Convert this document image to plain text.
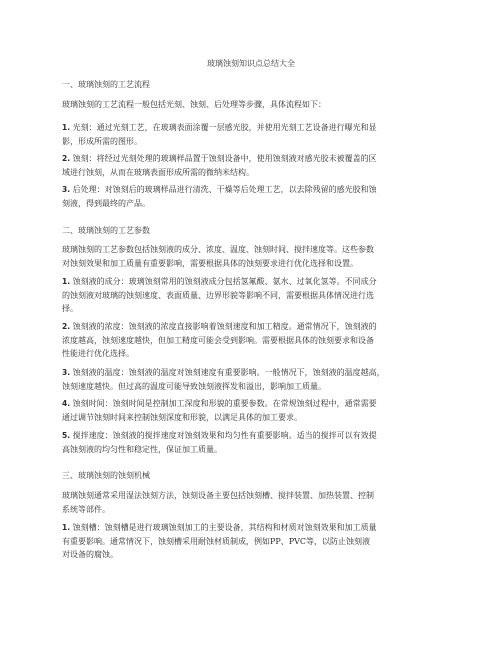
玻璃蚀刻知识点总结大全

一、玻璃蚀刻的工艺流程

玻璃蚀刻的工艺流程一般包括光刻、蚀刻、后处理等步骤，具体流程如下：

1. 光刻：通过光刻工艺，在玻璃表面涂覆一层感光胶，并使用光刻工艺设备进行曝光和显
影，形成所需的图形。

2. 蚀刻：将经过光刻处理的玻璃样品置于蚀刻设备中，使用蚀刻液对感光胶未被覆盖的区
域进行蚀刻，从而在玻璃表面形成所需的微纳米结构。

3. 后处理：对蚀刻后的玻璃样品进行清洗、干燥等后处理工艺，以去除残留的感光胶和蚀
刻液，得到最终的产品。

二、玻璃蚀刻的工艺参数

玻璃蚀刻的工艺参数包括蚀刻液的成分、浓度、温度、蚀刻时间、搅拌速度等。这些参数
对蚀刻效果和加工质量有重要影响，需要根据具体的蚀刻要求进行优化选择和设置。

1. 蚀刻液的成分：玻璃蚀刻常用的蚀刻液成分包括氢氟酸、氨水、过氧化氢等。不同成分
的蚀刻液对玻璃的蚀刻速度、表面质量、边界形貌等影响不同，需要根据具体情况进行选
择。

2. 蚀刻液的浓度：蚀刻液的浓度直接影响着蚀刻速度和加工精度。通常情况下，蚀刻液的
浓度越高，蚀刻速度越快，但加工精度可能会受到影响。需要根据具体的蚀刻要求和设备
性能进行优化选择。

3. 蚀刻液的温度：蚀刻液的温度对蚀刻速度有重要影响。一般情况下，蚀刻液的温度越高，
蚀刻速度越快。但过高的温度可能导致蚀刻液挥发和溢出，影响加工质量。

4. 蚀刻时间：蚀刻时间是控制加工深度和形貌的重要参数。在常规蚀刻过程中，通常需要
通过调节蚀刻时间来控制蚀刻深度和形貌，以满足具体的加工要求。

5. 搅拌速度：蚀刻液的搅拌速度对蚀刻效果和均匀性有重要影响。适当的搅拌可以有效提
高蚀刻液的均匀性和稳定性，保证加工质量。

三、玻璃蚀刻的蚀刻机械

玻璃蚀刻通常采用湿法蚀刻方法，蚀刻设备主要包括蚀刻槽、搅拌装置、加热装置、控制
系统等部件。

1. 蚀刻槽：蚀刻槽是进行玻璃蚀刻加工的主要设备，其结构和材质对蚀刻效果和加工质量
有重要影响。通常情况下，蚀刻槽采用耐蚀材质制成，例如PP、PVC等，以防止蚀刻液
对设备的腐蚀。
